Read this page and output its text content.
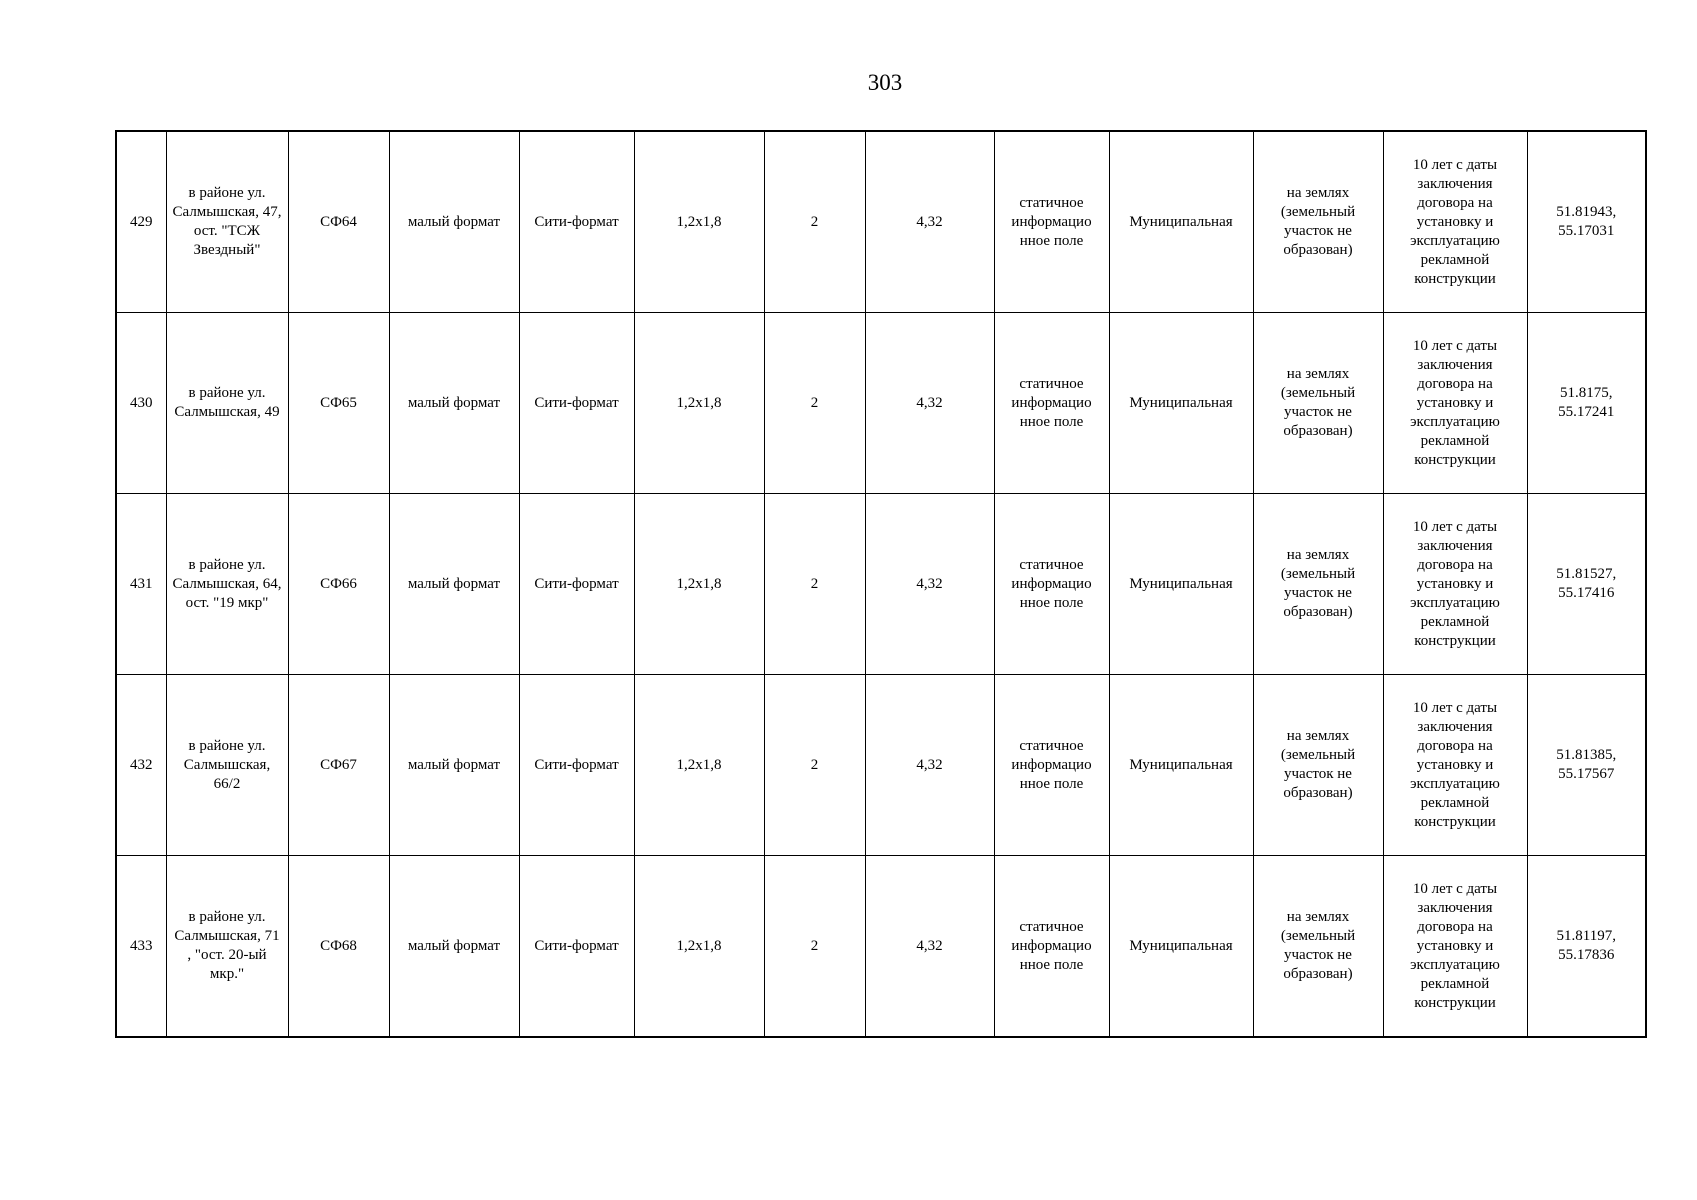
303
429	в районе ул. Салмышская, 47, ост. "ТСЖ Звездный"	СФ64	малый формат	Сити-формат	1,2х1,8	2	4,32	статичное информацио нное поле	Муниципальная	на землях (земельный участок не образован)	10 лет с даты заключения договора на установку и эксплуатацию рекламной конструкции	51.81943, 55.17031
430	в районе ул. Салмышская, 49	СФ65	малый формат	Сити-формат	1,2х1,8	2	4,32	статичное информацио нное поле	Муниципальная	на землях (земельный участок не образован)	10 лет с даты заключения договора на установку и эксплуатацию рекламной конструкции	51.8175, 55.17241
431	в районе ул. Салмышская, 64, ост. "19 мкр"	СФ66	малый формат	Сити-формат	1,2х1,8	2	4,32	статичное информацио нное поле	Муниципальная	на землях (земельный участок не образован)	10 лет с даты заключения договора на установку и эксплуатацию рекламной конструкции	51.81527, 55.17416
432	в районе ул. Салмышская, 66/2	СФ67	малый формат	Сити-формат	1,2х1,8	2	4,32	статичное информацио нное поле	Муниципальная	на землях (земельный участок не образован)	10 лет с даты заключения договора на установку и эксплуатацию рекламной конструкции	51.81385, 55.17567
433	в районе ул. Салмышская, 71 , "ост. 20-ый мкр."	СФ68	малый формат	Сити-формат	1,2х1,8	2	4,32	статичное информацио нное поле	Муниципальная	на землях (земельный участок не образован)	10 лет с даты заключения договора на установку и эксплуатацию рекламной конструкции	51.81197, 55.17836
